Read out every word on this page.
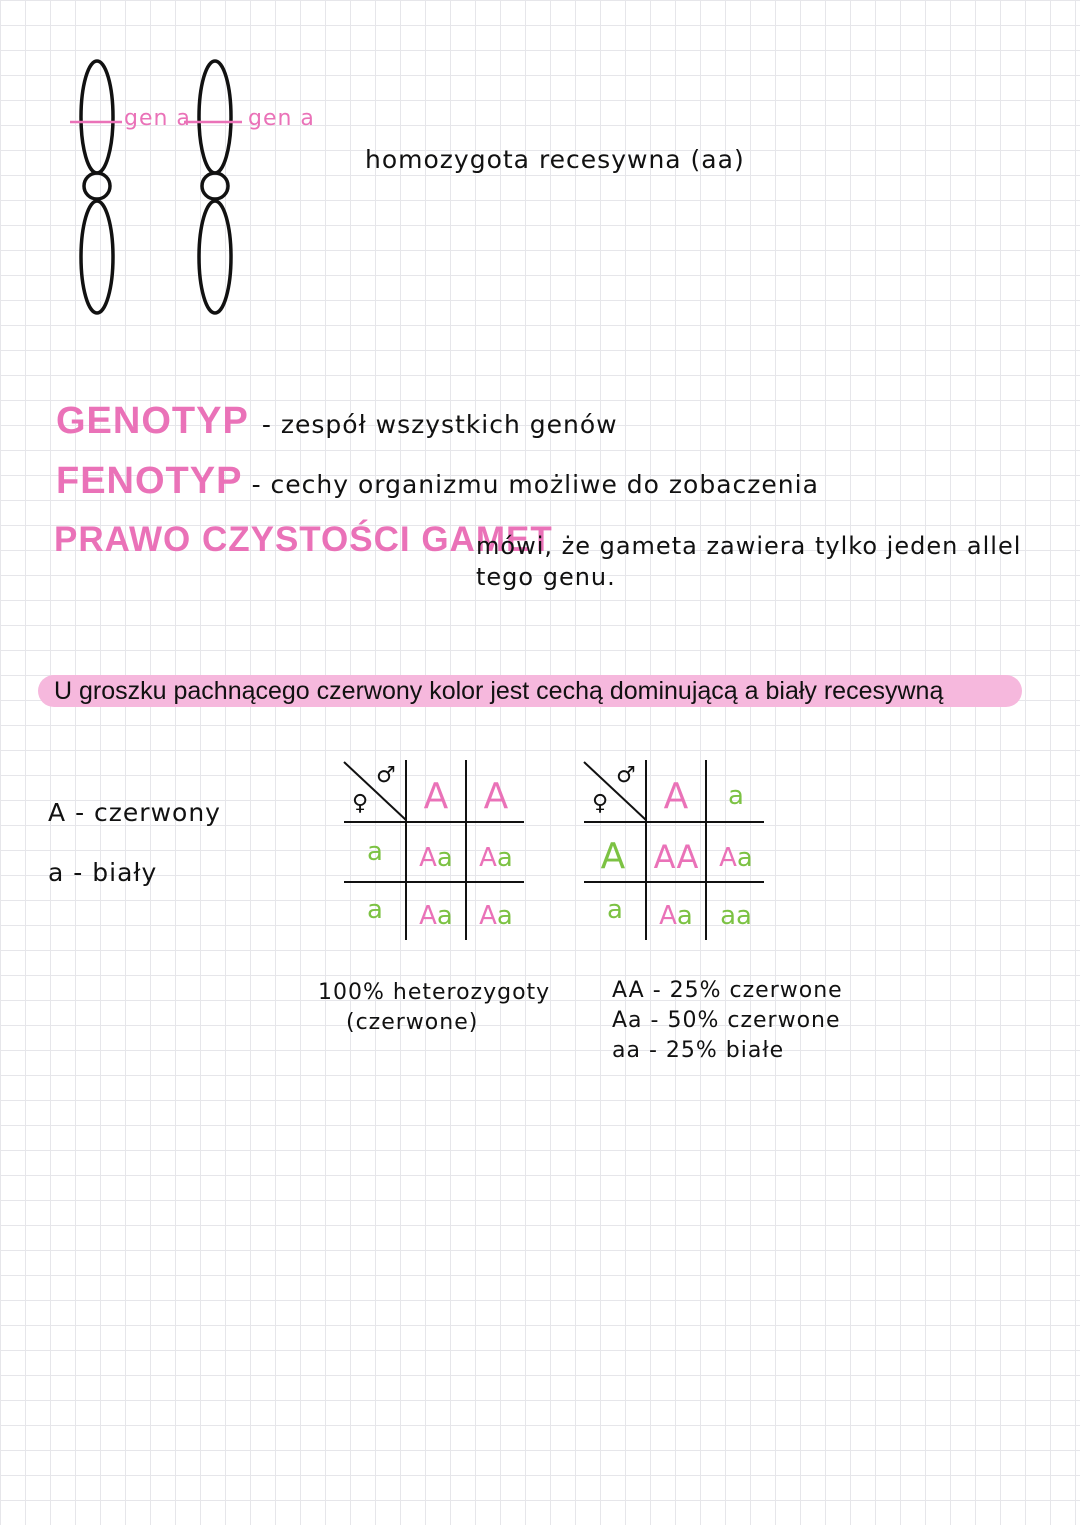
gen a	gen a
homozygota recesywna (aa)
GENOTYP - zespół wszystkich genów
FENOTYP - cechy organizmu możliwe do zobaczenia
PRAWO CZYSTOŚCI GAMET
mówi, że gameta zawiera tylko jeden allel
tego genu.
U groszku pachnącego czerwony kolor jest cechą dominującą a biały recesywną
A - czerwony
a - biały
♂
♀ A A
a
a
Aa Aa
Aa Aa
100% heterozygoty
(czerwone)
♂
♀ A a
A
a
AA Aa
Aa aa
AA - 25% czerwone
Aa - 50% czerwone
aa - 25% białe
